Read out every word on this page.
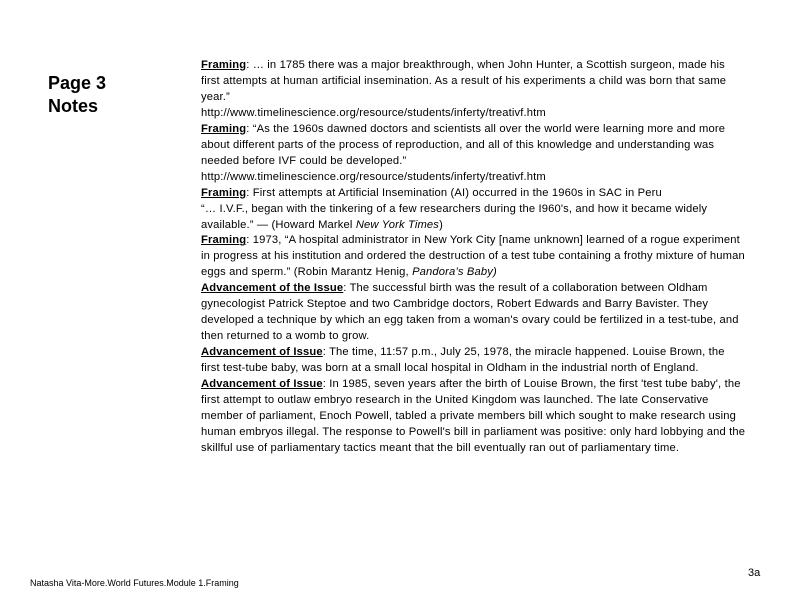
Page 3
Notes

Framing: … in 1785 there was a major breakthrough, when John Hunter, a Scottish surgeon, made his first attempts at human artificial insemination. As a result of his experiments a child was born that same year.”
http://www.timelinescience.org/resource/students/inferty/treativf.htm

Framing: “As the 1960s dawned doctors and scientists all over the world were learning more and more about different parts of the process of reproduction, and all of this knowledge and understanding was needed before IVF could be developed.”
http://www.timelinescience.org/resource/students/inferty/treativf.htm

Framing: First attempts at Artificial Insemination (AI) occurred in the 1960s in SAC in Peru

“… I.V.F., began with the tinkering of a few researchers during the I960's, and how it became widely available.” — (Howard Markel New York Times)

Framing: 1973, “A hospital administrator in New York City [name unknown] learned of a rogue experiment in progress at his institution and ordered the destruction of a test tube containing a frothy mixture of human eggs and sperm.” (Robin Marantz Henig, Pandora’s Baby)

Advancement of the Issue: The successful birth was the result of a collaboration between Oldham gynecologist Patrick Steptoe and two Cambridge doctors, Robert Edwards and Barry Bavister. They developed a technique by which an egg taken from a woman's ovary could be fertilized in a test-tube, and then returned to a womb to grow.

Advancement of Issue: The time, 11:57 p.m., July 25, 1978, the miracle happened. Louise Brown, the first test-tube baby, was born at a small local hospital in Oldham in the industrial north of England.

Advancement of Issue: In 1985, seven years after the birth of Louise Brown, the first 'test tube baby', the first attempt to outlaw embryo research in the United Kingdom was launched. The late Conservative member of parliament, Enoch Powell, tabled a private members bill which sought to make research using human embryos illegal. The response to Powell's bill in parliament was positive: only hard lobbying and the skillful use of parliamentary tactics meant that the bill eventually ran out of parliamentary time.

Natasha Vita-More.World Futures.Module 1.Framing
3a
